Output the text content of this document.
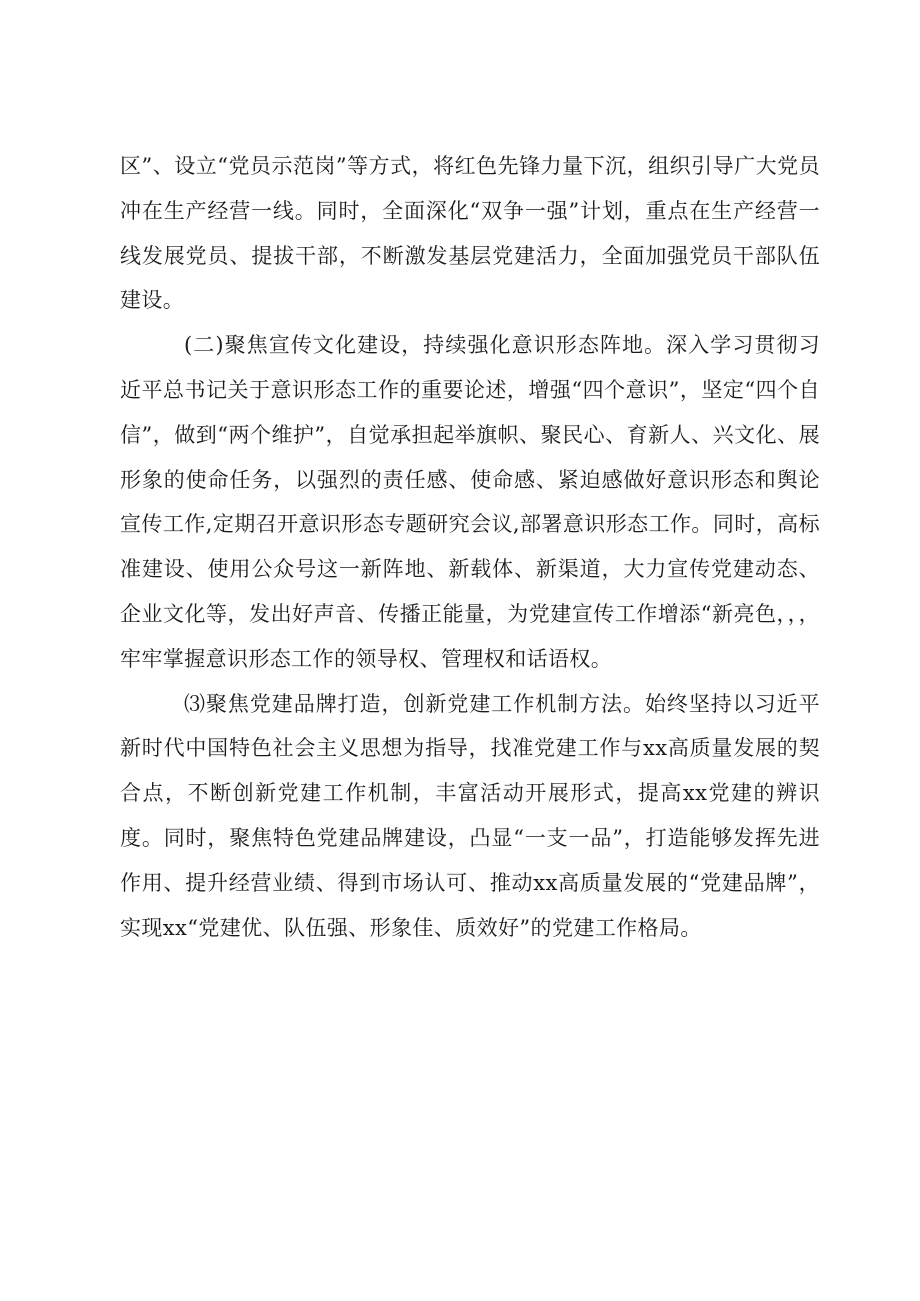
区”、设立“党员示范岗”等方式，将红色先锋力量下沉，组织引导广大党员冲在生产经营一线。同时，全面深化“双争一强”计划，重点在生产经营一线发展党员、提拔干部，不断激发基层党建活力，全面加强党员干部队伍建设。

(二)聚焦宣传文化建设，持续强化意识形态阵地。深入学习贯彻习近平总书记关于意识形态工作的重要论述，增强“四个意识”，坚定“四个自信”，做到“两个维护”，自觉承担起举旗帜、聚民心、育新人、兴文化、展形象的使命任务，以强烈的责任感、使命感、紧迫感做好意识形态和舆论宣传工作,定期召开意识形态专题研究会议,部署意识形态工作。同时，高标准建设、使用公众号这一新阵地、新载体、新渠道，大力宣传党建动态、企业文化等，发出好声音、传播正能量，为党建宣传工作增添“新亮色，，，牢牢掌握意识形态工作的领导权、管理权和话语权。

⑶聚焦党建品牌打造，创新党建工作机制方法。始终坚持以习近平新时代中国特色社会主义思想为指导，找准党建工作与xx高质量发展的契合点，不断创新党建工作机制，丰富活动开展形式，提高xx党建的辨识度。同时，聚焦特色党建品牌建设，凸显“一支一品”，打造能够发挥先进作用、提升经营业绩、得到市场认可、推动xx高质量发展的“党建品牌”，实现xx“党建优、队伍强、形象佳、质效好”的党建工作格局。
